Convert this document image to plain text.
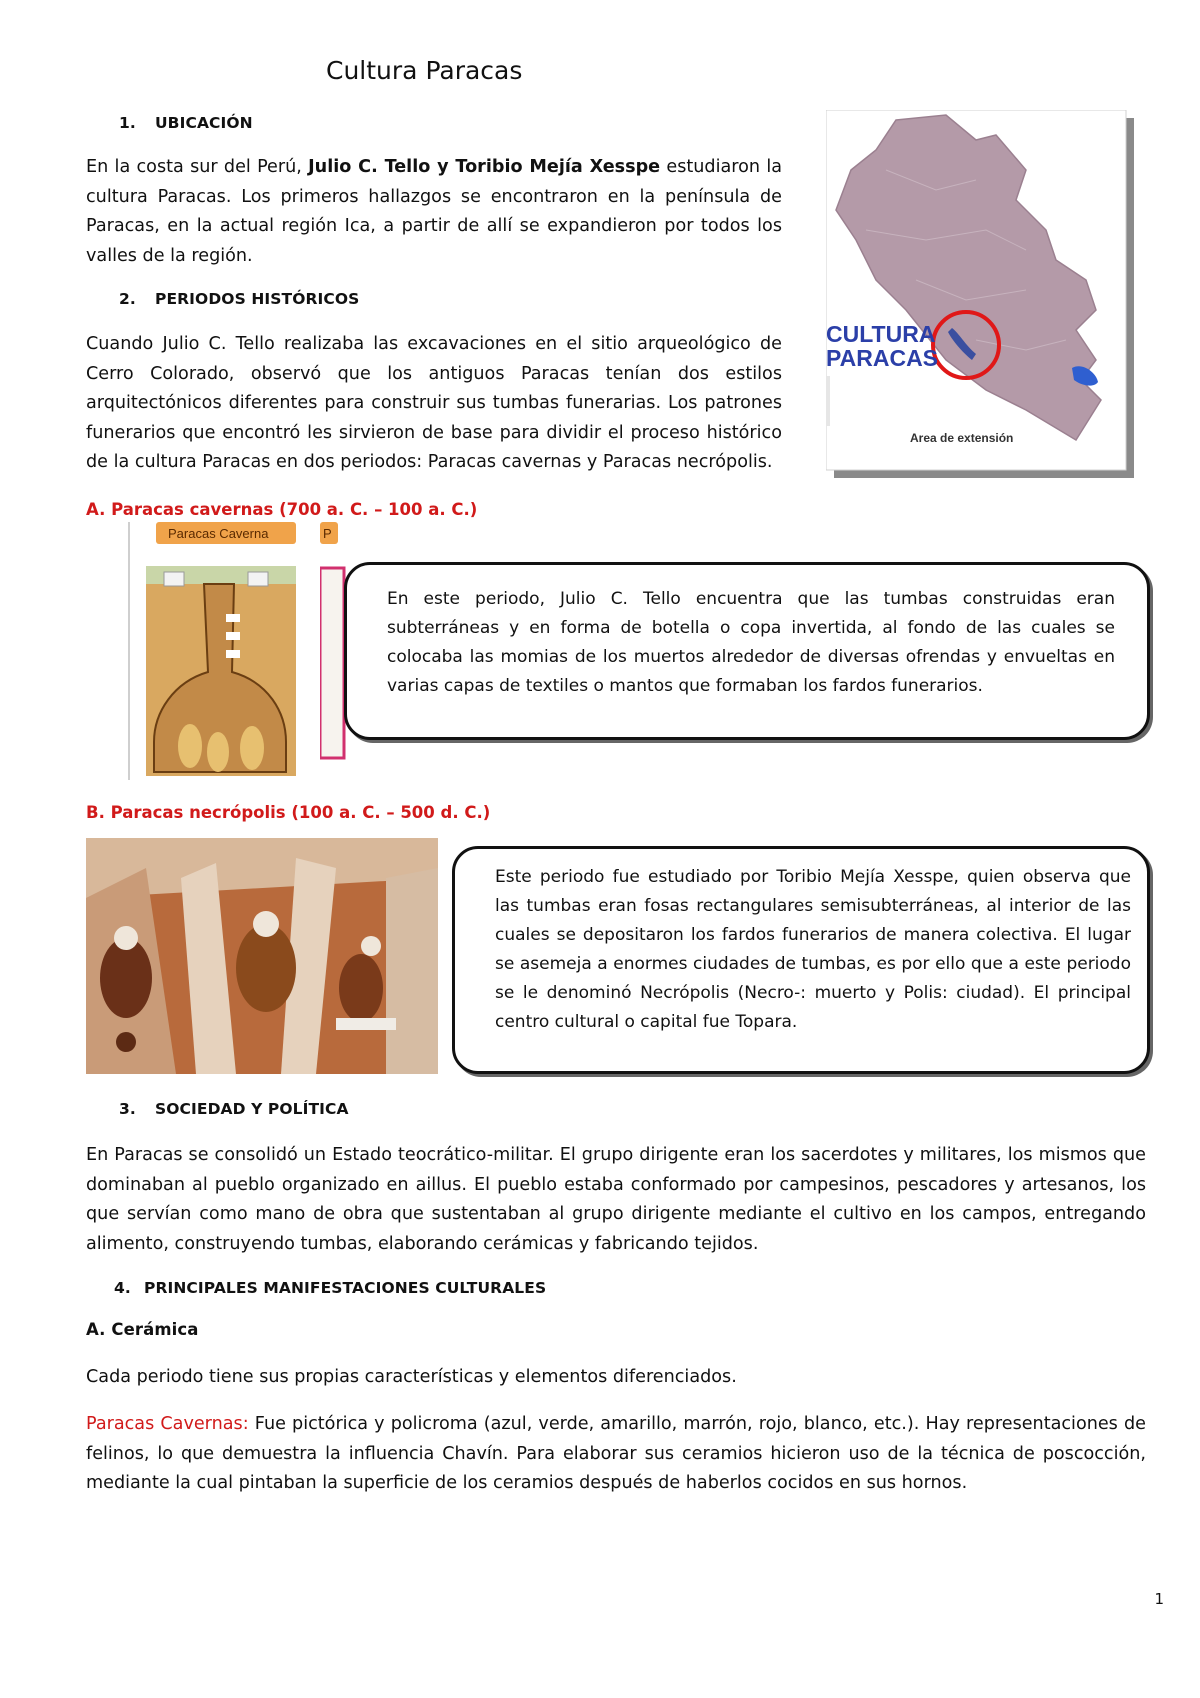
Cultura Paracas
1. UBICACIÓN

En la costa sur del Perú, Julio C. Tello y Toribio Mejía Xesspe estudiaron la cultura Paracas. Los primeros hallazgos se encontraron en la península de Paracas, en la actual región Ica, a partir de allí se expandieron por todos los valles de la región.

CULTURA
PARACAS
Area de extensión
2. PERIODOS HISTÓRICOS

Cuando Julio C. Tello realizaba las excavaciones en el sitio arqueológico de Cerro Colorado, observó que los antiguos Paracas tenían dos estilos arquitectónicos diferentes para construir sus tumbas funerarias. Los patrones funerarios que encontró les sirvieron de base para dividir el proceso histórico de la cultura Paracas en dos periodos: Paracas cavernas y Paracas necrópolis.

A. Paracas cavernas (700 a. C. – 100 a. C.)
Paracas Caverna	P

En este periodo, Julio C. Tello encuentra que las tumbas construidas eran subterráneas y en forma de botella o copa invertida, al fondo de las cuales se colocaba las momias de los muertos alrededor de diversas ofrendas y envueltas en varias capas de textiles o mantos que formaban los fardos funerarios.

B. Paracas necrópolis (100 a. C. – 500 d. C.)

Este periodo fue estudiado por Toribio Mejía Xesspe, quien observa que las tumbas eran fosas rectangulares semisubterráneas, al interior de las cuales se depositaron los fardos funerarios de manera colectiva. El lugar se asemeja a enormes ciudades de tumbas, es por ello que a este periodo se le denominó Necrópolis (Necro-: muerto y Polis: ciudad). El principal centro cultural o capital fue Topara.

3. SOCIEDAD Y POLÍTICA

En Paracas se consolidó un Estado teocrático-militar. El grupo dirigente eran los sacerdotes y militares, los mismos que dominaban al pueblo organizado en aillus. El pueblo estaba conformado por campesinos, pescadores y artesanos, los que servían como mano de obra que sustentaban al grupo dirigente mediante el cultivo en los campos, entregando alimento, construyendo tumbas, elaborando cerámicas y fabricando tejidos.

4. PRINCIPALES MANIFESTACIONES CULTURALES
A. Cerámica

Cada periodo tiene sus propias características y elementos diferenciados.

Paracas Cavernas: Fue pictórica y policroma (azul, verde, amarillo, marrón, rojo, blanco, etc.). Hay representaciones de felinos, lo que demuestra la influencia Chavín. Para elaborar sus ceramios hicieron uso de la técnica de poscocción, mediante la cual pintaban la superficie de los ceramios después de haberlos cocidos en sus hornos.

1
